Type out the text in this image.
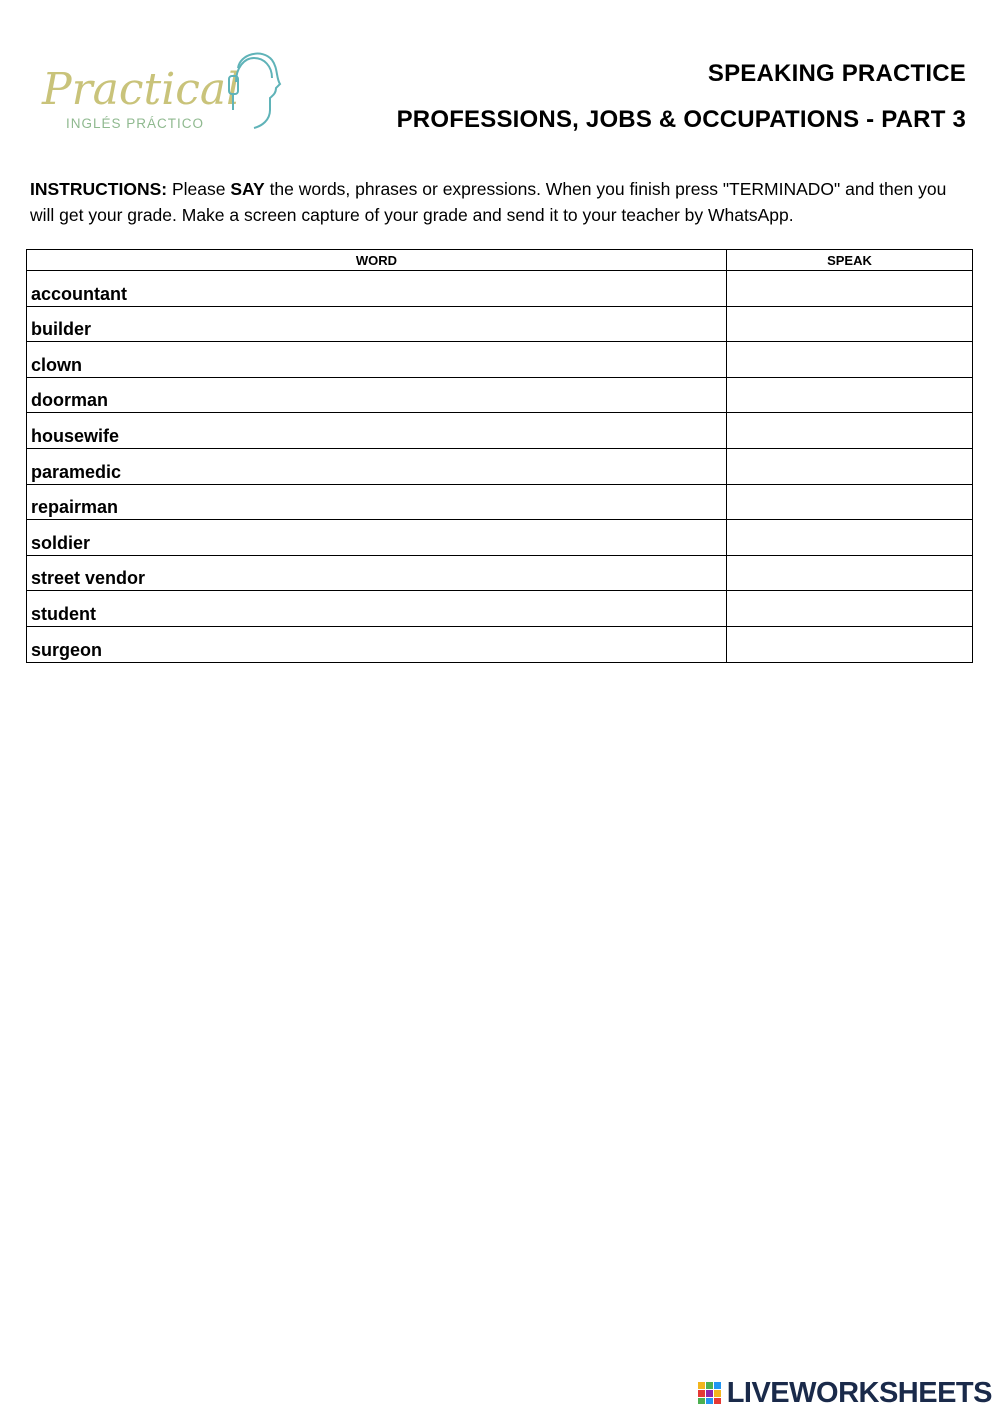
Practical
INGLÉS PRÁCTICO
SPEAKING PRACTICE
PROFESSIONS, JOBS & OCCUPATIONS - PART 3
INSTRUCTIONS: Please SAY the words, phrases or expressions. When you finish press "TERMINADO" and then you will get your grade. Make a screen capture of your grade and send it to your teacher by WhatsApp.
WORD	SPEAK
accountant	
builder	
clown	
doorman	
housewife	
paramedic	
repairman	
soldier	
street vendor	
student	
surgeon	
LIVEWORKSHEETS
